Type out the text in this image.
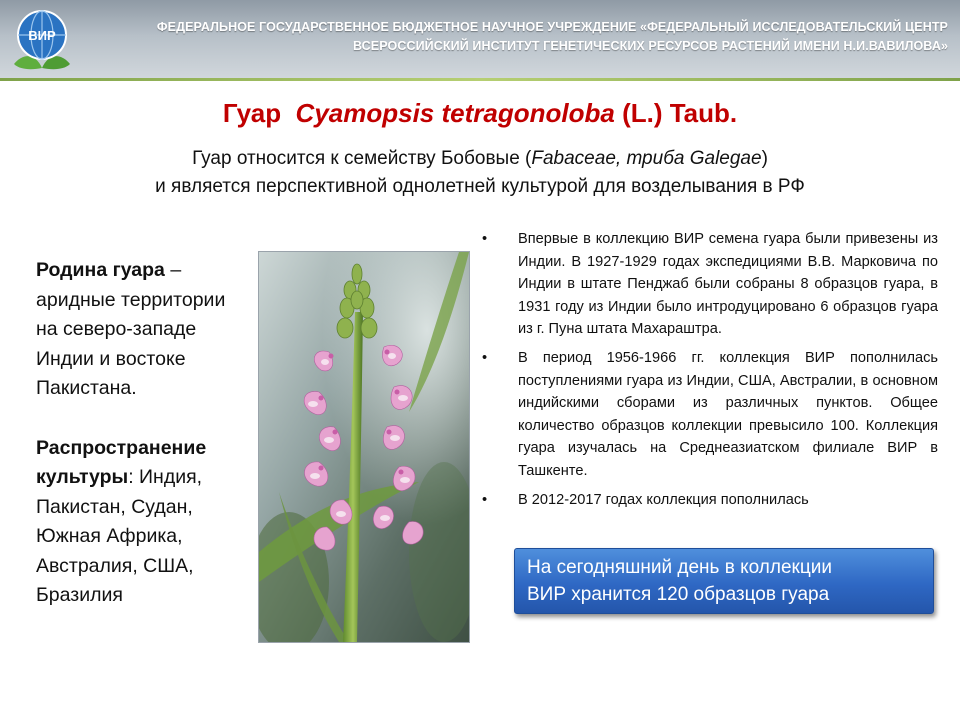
ВИР
ФЕДЕРАЛЬНОЕ ГОСУДАРСТВЕННОЕ БЮДЖЕТНОЕ НАУЧНОЕ УЧРЕЖДЕНИЕ «ФЕДЕРАЛЬНЫЙ ИССЛЕДОВАТЕЛЬСКИЙ ЦЕНТР
ВСЕРОССИЙСКИЙ ИНСТИТУТ ГЕНЕТИЧЕСКИХ РЕСУРСОВ РАСТЕНИЙ ИМЕНИ Н.И.ВАВИЛОВА»
Гуар Cyamopsis tetragonoloba (L.) Taub.
Гуар относится к семейству Бобовые (Fabaceae, триба Galegae)
и является перспективной однолетней культурой для возделывания в РФ
Родина гуара – аридные территории на северо-западе Индии и востоке Пакистана.
Распространение культуры: Индия, Пакистан, Судан, Южная Африка, Австралия, США, Бразилия
• Впервые в коллекцию ВИР семена гуара были привезены из Индии. В 1927-1929 годах экспедициями В.В. Марковича по Индии в штате Пенджаб были собраны 8 образцов гуара, в 1931 году из Индии было интродуцировано 6 образцов гуара из г. Пуна штата Махараштра.
• В период 1956-1966 гг. коллекция ВИР пополнилась поступлениями гуара из Индии, США, Австралии, в основном индийскими сборами из различных пунктов. Общее количество образцов коллекции превысило 100. Коллекция гуара изучалась на Среднеазиатском филиале ВИР в Ташкенте.
• В 2012-2017 годах коллекция пополнилась
На сегодняшний день в коллекции
ВИР хранится 120 образцов гуара
